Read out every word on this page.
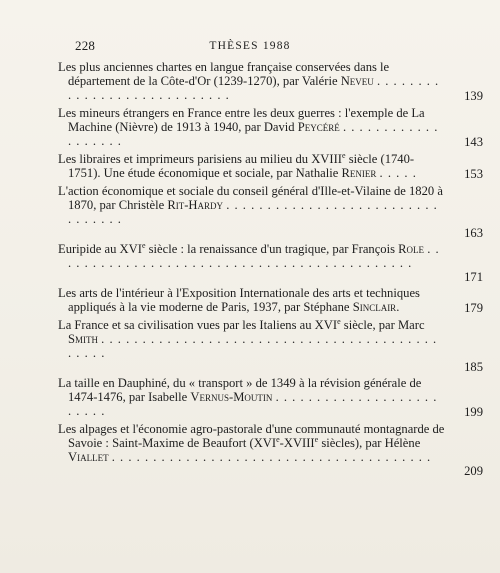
228	THÈSES 1988
Les plus anciennes chartes en langue française conservées dans le département de la Côte-d'Or (1239-1270), par Valérie Neveu . . . . . . . . . . . . . . . . . . . . . . . . . . . .	139
Les mineurs étrangers en France entre les deux guerres : l'exemple de La Machine (Nièvre) de 1913 à 1940, par David Peycéré . . . . . . . . . . . . . . . . . . .	143
Les libraires et imprimeurs parisiens au milieu du XVIIIe siècle (1740-1751). Une étude économique et sociale, par Nathalie Renier . . . . .	153
L'action économique et sociale du conseil général d'Ille-et-Vilaine de 1820 à 1870, par Christèle Rit-Hardy . . . . . . . . . . . . . . . . . . . . . . . . . . . . . . . . .
163
Euripide au XVIe siècle : la renaissance d'un tragique, par François Role . . . . . . . . . . . . . . . . . . . . . . . . . . . . . . . . . . . . . . . . . . . .
171
Les arts de l'intérieur à l'Exposition Internationale des arts et techniques appliqués à la vie moderne de Paris, 1937, par Stéphane Sinclair.	179
La France et sa civilisation vues par les Italiens au XVIe siècle, par Marc Smith . . . . . . . . . . . . . . . . . . . . . . . . . . . . . . . . . . . . . . . . . . . . . .
185
La taille en Dauphiné, du « transport » de 1349 à la révision générale de 1474-1476, par Isabelle Vernus-Moutin . . . . . . . . . . . . . . . . . . . . . . . . .	199
Les alpages et l'économie agro-pastorale d'une communauté montagnarde de Savoie : Saint-Maxime de Beaufort (XVIe-XVIIIe siècles), par Hélène Viallet . . . . . . . . . . . . . . . . . . . . . . . . . . . . . . . . . . . . . . .
209
